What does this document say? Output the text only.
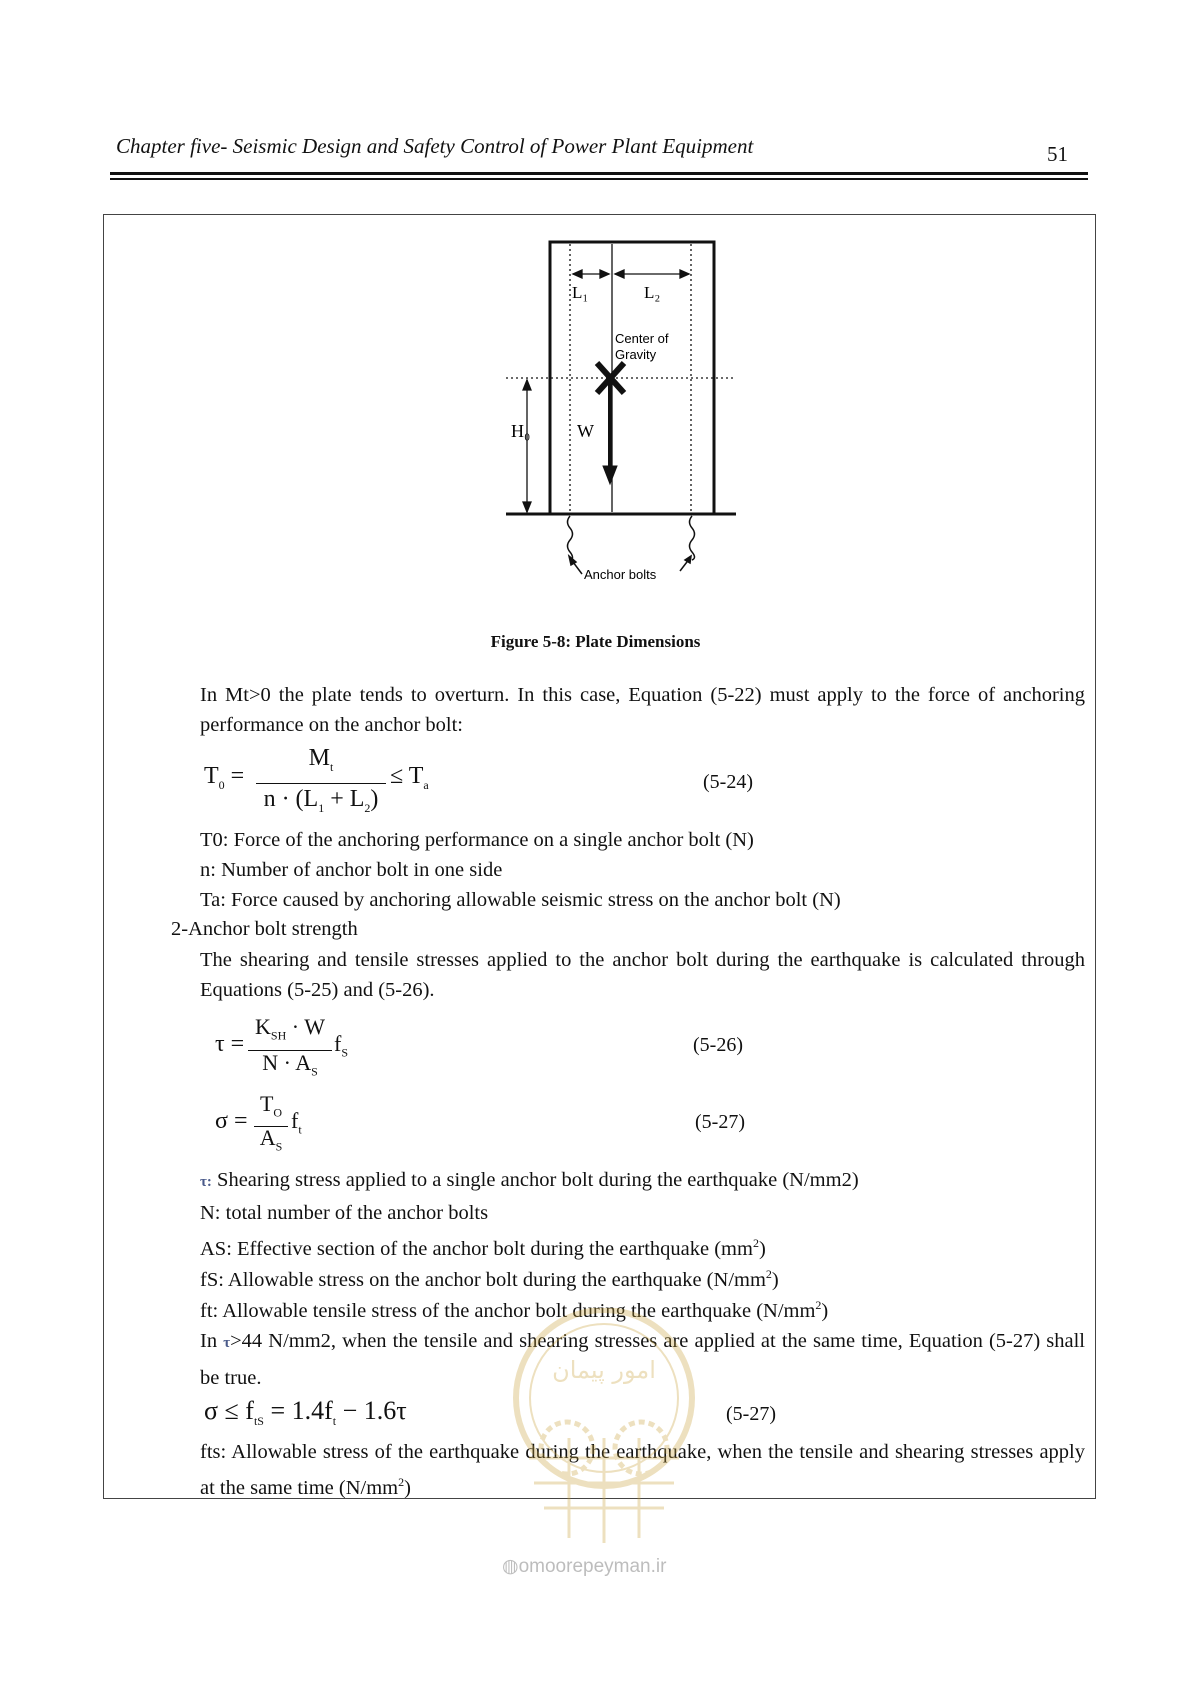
Chapter five- Seismic Design and Safety Control of Power Plant Equipment	51
L₁	L₂
Center of
Gravity
H₀	W
Anchor bolts
Figure 5-8: Plate Dimensions
In Mt>0 the plate tends to overturn. In this case, Equation (5-22) must apply to the force of anchoring performance on the anchor bolt:
$T_0$ =
$M_t$
$n \cdot (L_1 + L_2)$
≤ $T_a$	(5-24)
T0: Force of the anchoring performance on a single anchor bolt (N)
n: Number of anchor bolt in one side
Ta: Force caused by anchoring allowable seismic stress on the anchor bolt (N)
2-Anchor bolt strength
The shearing and tensile stresses applied to the anchor bolt during the earthquake is calculated through Equations (5-25) and (5-26).
τ =
$K_{SH} \cdot W$
$N \cdot A_S$
$f_S$	(5-26)
σ =
$T_O$
$A_S$
$f_t$	(5-27)
τ: Shearing stress applied to a single anchor bolt during the earthquake (N/mm2)
N: total number of the anchor bolts
AS: Effective section of the anchor bolt during the earthquake $(mm^2)$
fS: Allowable stress on the anchor bolt during the earthquake $(N/mm^2)$
ft: Allowable tensile stress of the anchor bolt during the earthquake $(N/mm^2)$
In τ>44 N/mm2, when the tensile and shearing stresses are applied at the same time, Equation (5-27) shall be true.
$\sigma \le f_{tS} = 1.4f_t - 1.6\tau$	(5-27)
fts: Allowable stress of the earthquake during the earthquake, when the tensile and shearing stresses apply at the same time $(N/mm^2)$
امور پیمان
◍omoorepeyman.ir
